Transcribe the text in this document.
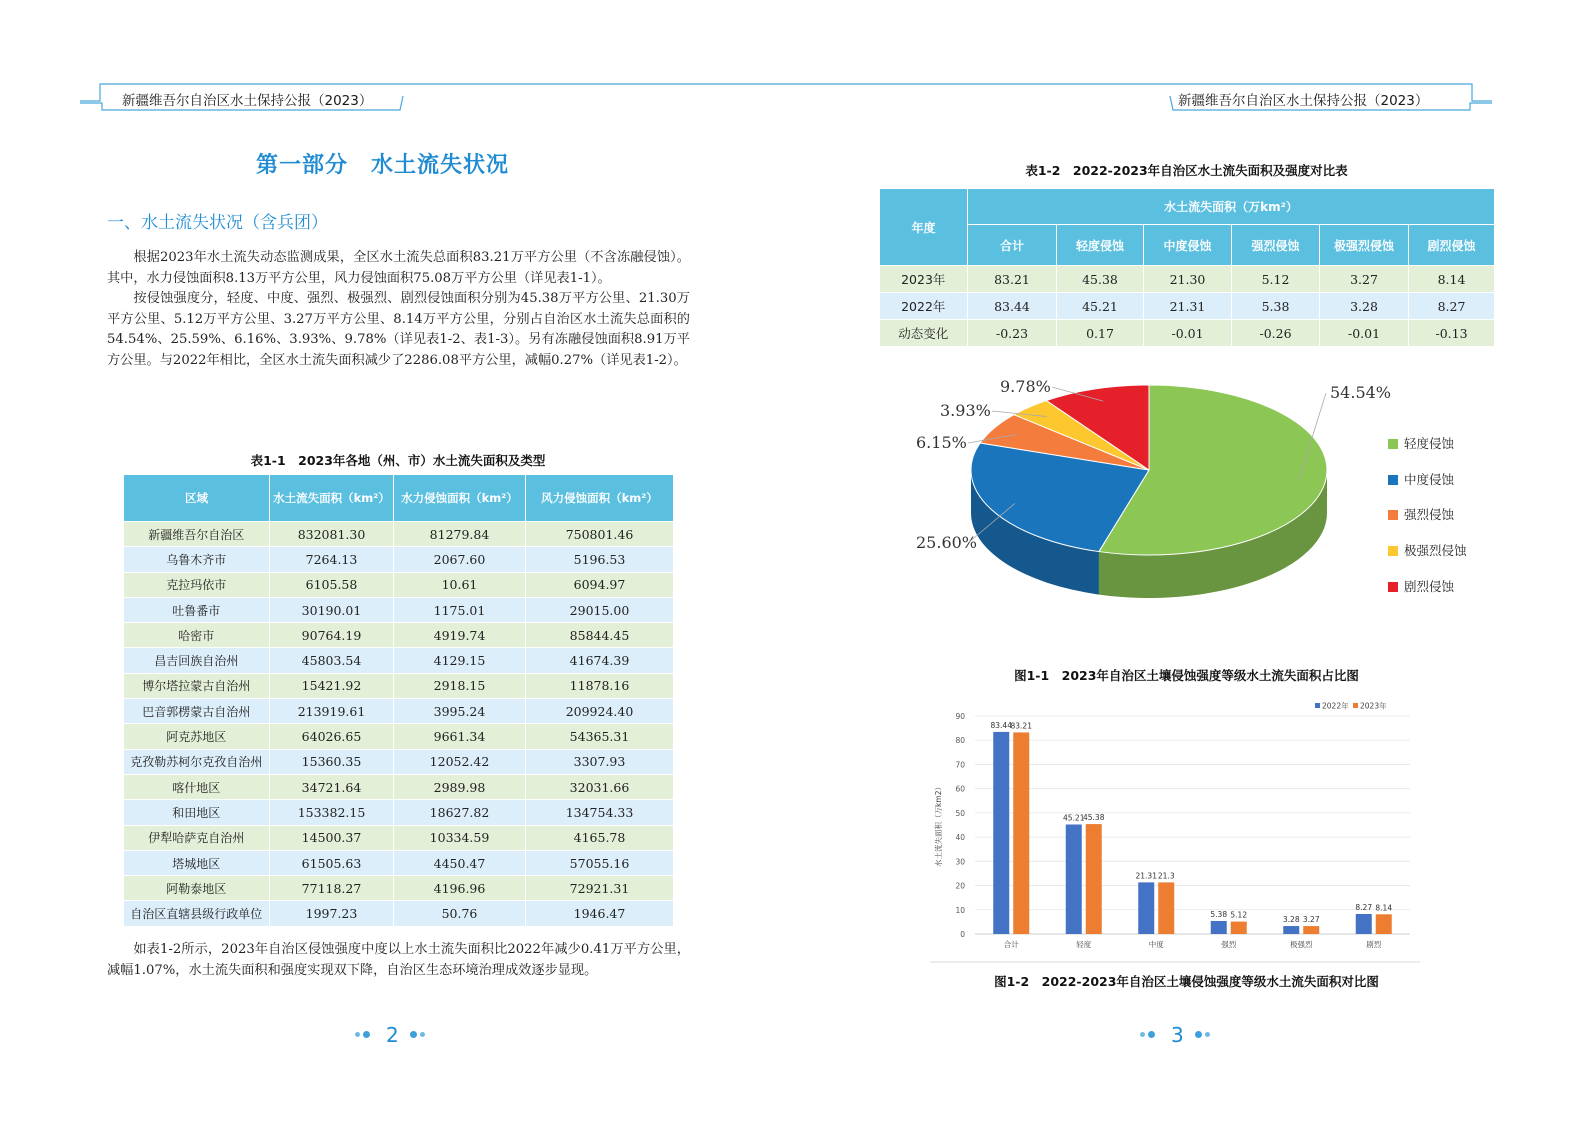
新疆维吾尔自治区水土保持公报（2023）	新疆维吾尔自治区水土保持公报（2023）
第一部分　水土流失状况
一、水土流失状况（含兵团）

根据2023年水土流失动态监测成果，全区水土流失总面积83.21万平方公里（不含冻融侵蚀）。其中，水力侵蚀面积8.13万平方公里，风力侵蚀面积75.08万平方公里（详见表1-1）。

按侵蚀强度分，轻度、中度、强烈、极强烈、剧烈侵蚀面积分别为45.38万平方公里、21.30万平方公里、5.12万平方公里、3.27万平方公里、8.14万平方公里，分别占自治区水土流失总面积的54.54%、25.59%、6.16%、3.93%、9.78%（详见表1-2、表1-3）。另有冻融侵蚀面积8.91万平方公里。与2022年相比，全区水土流失面积减少了2286.08平方公里，减幅0.27%（详见表1-2）。

表1-1　2023年各地（州、市）水土流失面积及类型
区域	水土流失面积（km²）	水力侵蚀面积（km²）	风力侵蚀面积（km²）
新疆维吾尔自治区	832081.30	81279.84	750801.46
乌鲁木齐市	7264.13	2067.60	5196.53
克拉玛依市	6105.58	10.61	6094.97
吐鲁番市	30190.01	1175.01	29015.00
哈密市	90764.19	4919.74	85844.45
昌吉回族自治州	45803.54	4129.15	41674.39
博尔塔拉蒙古自治州	15421.92	2918.15	11878.16
巴音郭楞蒙古自治州	213919.61	3995.24	209924.40
阿克苏地区	64026.65	9661.34	54365.31
克孜勒苏柯尔克孜自治州	15360.35	12052.42	3307.93
喀什地区	34721.64	2989.98	32031.66
和田地区	153382.15	18627.82	134754.33
伊犁哈萨克自治州	14500.37	10334.59	4165.78
塔城地区	61505.63	4450.47	57055.16
阿勒泰地区	77118.27	4196.96	72921.31
自治区直辖县级行政单位	1997.23	50.76	1946.47

如表1-2所示，2023年自治区侵蚀强度中度以上水土流失面积比2022年减少0.41万平方公里，减幅1.07%，水土流失面积和强度实现双下降，自治区生态环境治理成效逐步显现。

2
表1-2　2022-2023年自治区水土流失面积及强度对比表
年度	水土流失面积（万km²）					
	合计	轻度侵蚀	中度侵蚀	强烈侵蚀	极强烈侵蚀	剧烈侵蚀
2023年	83.21	45.38	21.30	5.12	3.27	8.14
2022年	83.44	45.21	21.31	5.38	3.28	8.27
动态变化	-0.23	0.17	-0.01	-0.26	-0.01	-0.13
54.54%
25.60%
6.15%
3.93%
9.78%
轻度侵蚀
中度侵蚀
强烈侵蚀
极强烈侵蚀
剧烈侵蚀
图1-1　2023年自治区土壤侵蚀强度等级水土流失面积占比图
0
10
20
30
40
50
60
70
80
90
水土流失面积（万km2）
83.44
83.21
合计
45.21
45.38
轻度
21.31 21.3
中度
5.38 5.12
强烈
3.28 3.27
极强烈
8.27 8.14
剧烈
2022年 2023年
图1-2　2022-2023年自治区土壤侵蚀强度等级水土流失面积对比图
3
